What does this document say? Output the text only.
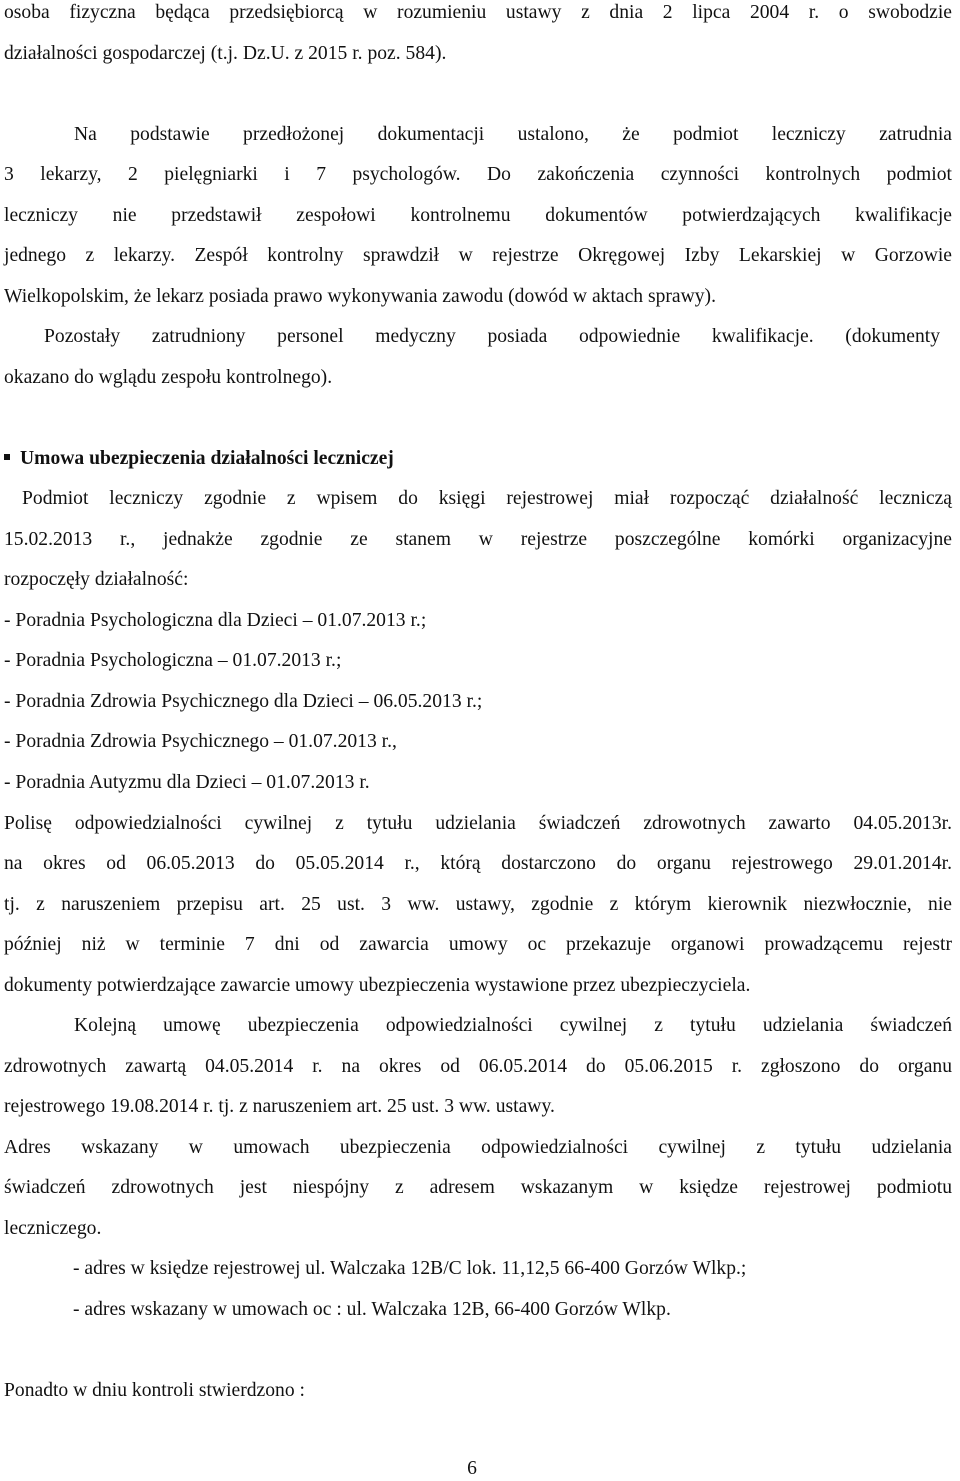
osoba fizyczna będąca przedsiębiorcą w rozumieniu ustawy z dnia 2 lipca 2004 r. o swobodzie
działalności gospodarczej (t.j. Dz.U. z 2015 r. poz. 584).
Na podstawie przedłożonej dokumentacji ustalono, że podmiot leczniczy zatrudnia
3 lekarzy, 2 pielęgniarki i 7 psychologów. Do zakończenia czynności kontrolnych podmiot
leczniczy nie przedstawił zespołowi kontrolnemu dokumentów potwierdzających kwalifikacje
jednego z lekarzy. Zespół kontrolny sprawdził w rejestrze Okręgowej Izby Lekarskiej w Gorzowie
Wielkopolskim, że lekarz posiada prawo wykonywania zawodu (dowód w aktach sprawy).
Pozostały zatrudniony personel medyczny posiada odpowiednie kwalifikacje. (dokumenty
okazano do wglądu zespołu kontrolnego).
Umowa ubezpieczenia działalności leczniczej
Podmiot leczniczy zgodnie z wpisem do księgi rejestrowej miał rozpocząć działalność leczniczą
15.02.2013 r., jednakże zgodnie ze stanem w rejestrze poszczególne komórki organizacyjne
rozpoczęły działalność:
- Poradnia Psychologiczna dla Dzieci – 01.07.2013 r.;
- Poradnia Psychologiczna – 01.07.2013 r.;
- Poradnia Zdrowia Psychicznego dla Dzieci – 06.05.2013 r.;
- Poradnia Zdrowia Psychicznego – 01.07.2013 r.,
- Poradnia Autyzmu dla Dzieci – 01.07.2013 r.
Polisę odpowiedzialności cywilnej z tytułu udzielania świadczeń zdrowotnych zawarto 04.05.2013r.
na okres od 06.05.2013 do 05.05.2014 r., którą dostarczono do organu rejestrowego 29.01.2014r.
tj. z naruszeniem przepisu art. 25 ust. 3 ww. ustawy, zgodnie z którym kierownik niezwłocznie, nie
później niż w terminie 7 dni od zawarcia umowy oc przekazuje organowi prowadzącemu rejestr
dokumenty potwierdzające zawarcie umowy ubezpieczenia wystawione przez ubezpieczyciela.
Kolejną umowę ubezpieczenia odpowiedzialności cywilnej z tytułu udzielania świadczeń
zdrowotnych zawartą 04.05.2014 r. na okres od 06.05.2014 do 05.06.2015 r. zgłoszono do organu
rejestrowego 19.08.2014 r. tj. z naruszeniem art. 25 ust. 3 ww. ustawy.
Adres wskazany w umowach ubezpieczenia odpowiedzialności cywilnej z tytułu udzielania
świadczeń zdrowotnych jest niespójny z adresem wskazanym w księdze rejestrowej podmiotu
leczniczego.
- adres w księdze rejestrowej ul. Walczaka 12B/C lok. 11,12,5 66-400 Gorzów Wlkp.;
- adres wskazany w umowach oc : ul. Walczaka 12B, 66-400 Gorzów Wlkp.
Ponadto w dniu kontroli stwierdzono :
6
